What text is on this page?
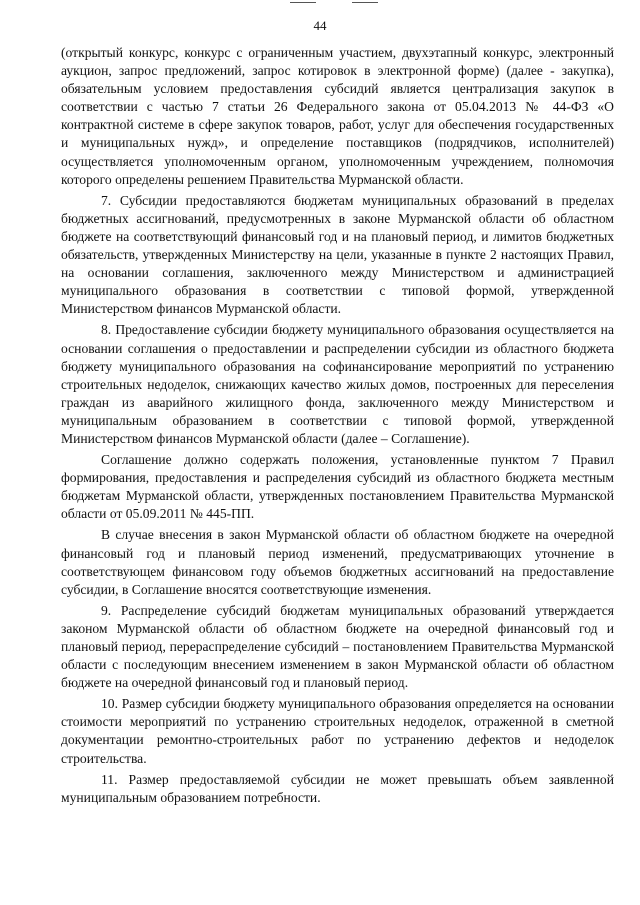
44

(открытый конкурс, конкурс с ограниченным участием, двухэтапный конкурс, электронный аукцион, запрос предложений, запрос котировок в электронной форме) (далее - закупка), обязательным условием предоставления субсидий является централизация закупок в соответствии с частью 7 статьи 26 Федерального закона от 05.04.2013 № 44-ФЗ «О контрактной системе в сфере закупок товаров, работ, услуг для обеспечения государственных и муниципальных нужд», и определение поставщиков (подрядчиков, исполнителей) осуществляется уполномоченным органом, уполномоченным учреждением, полномочия которого определены решением Правительства Мурманской области.

7. Субсидии предоставляются бюджетам муниципальных образований в пределах бюджетных ассигнований, предусмотренных в законе Мурманской области об областном бюджете на соответствующий финансовый год и на плановый период, и лимитов бюджетных обязательств, утвержденных Министерству на цели, указанные в пункте 2 настоящих Правил, на основании соглашения, заключенного между Министерством и администрацией муниципального образования в соответствии с типовой формой, утвержденной Министерством финансов Мурманской области.

8. Предоставление субсидии бюджету муниципального образования осуществляется на основании соглашения о предоставлении и распределении субсидии из областного бюджета бюджету муниципального образования на софинансирование мероприятий по устранению строительных недоделок, снижающих качество жилых домов, построенных для переселения граждан из аварийного жилищного фонда, заключенного между Министерством и муниципальным образованием в соответствии с типовой формой, утвержденной Министерством финансов Мурманской области (далее – Соглашение).

Соглашение должно содержать положения, установленные пунктом 7 Правил формирования, предоставления и распределения субсидий из областного бюджета местным бюджетам Мурманской области, утвержденных постановлением Правительства Мурманской области от 05.09.2011 № 445-ПП.

В случае внесения в закон Мурманской области об областном бюджете на очередной финансовый год и плановый период изменений, предусматривающих уточнение в соответствующем финансовом году объемов бюджетных ассигнований на предоставление субсидии, в Соглашение вносятся соответствующие изменения.

9. Распределение субсидий бюджетам муниципальных образований утверждается законом Мурманской области об областном бюджете на очередной финансовый год и плановый период, перераспределение субсидий – постановлением Правительства Мурманской области с последующим внесением изменением в закон Мурманской области об областном бюджете на очередной финансовый год и плановый период.

10. Размер субсидии бюджету муниципального образования определяется на основании стоимости мероприятий по устранению строительных недоделок, отраженной в сметной документации ремонтно-строительных работ по устранению дефектов и недоделок строительства.

11. Размер предоставляемой субсидии не может превышать объем заявленной муниципальным образованием потребности.
